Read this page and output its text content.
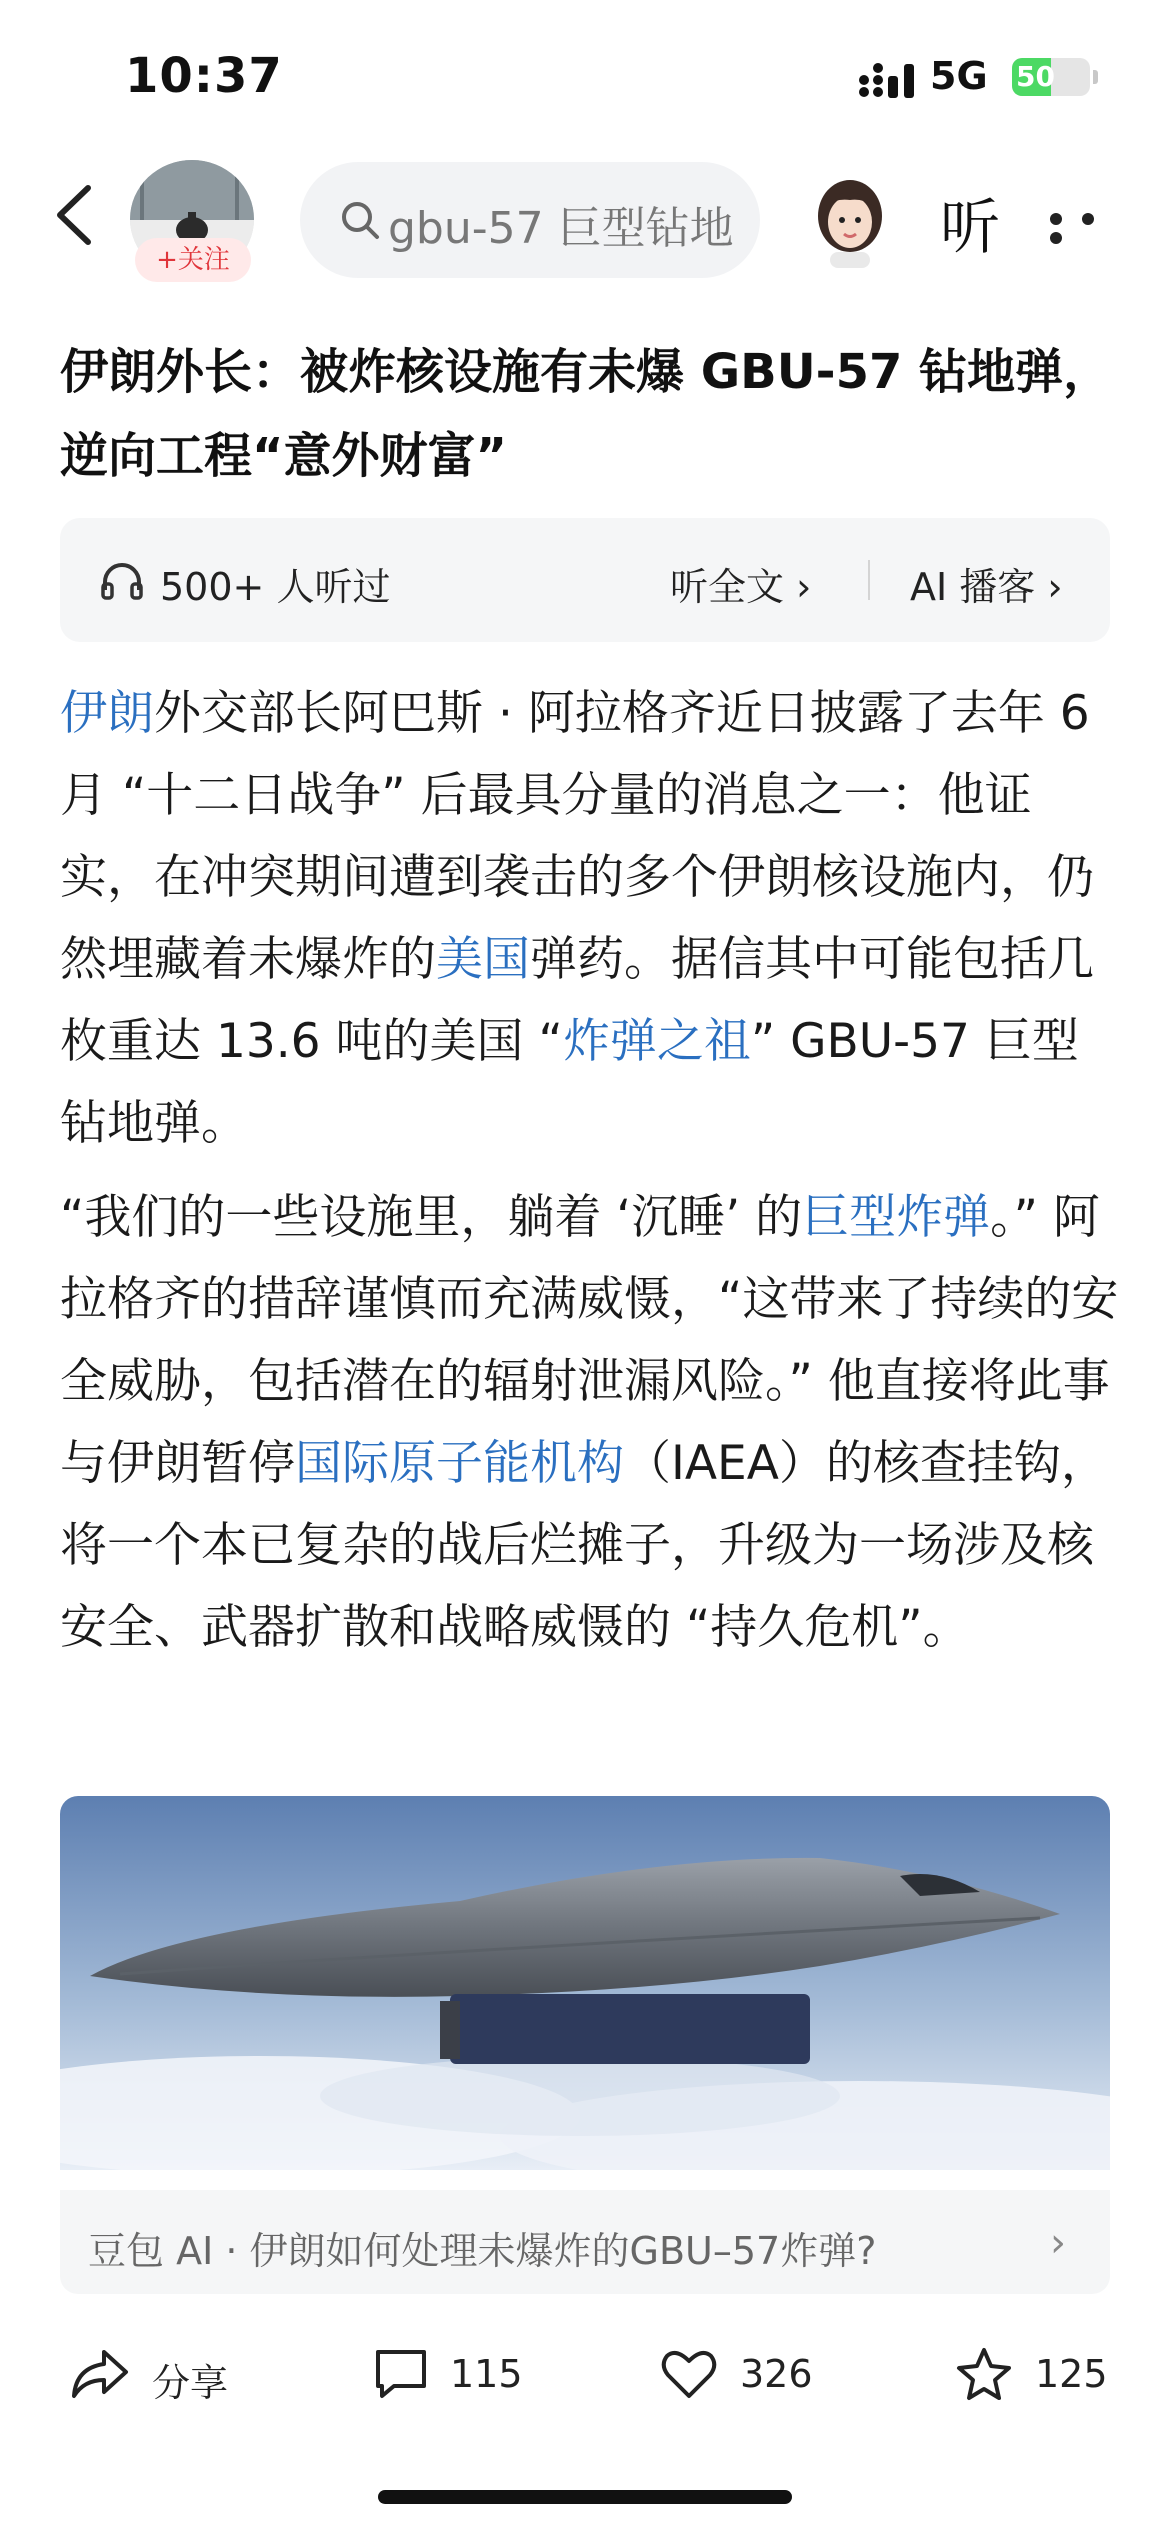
10:37	5G 50
+关注
gbu-57 巨型钻地	听
伊朗外长：被炸核设施有未爆 GBU-57 钻地弹，逆向工程“意外财富”
500+ 人听过	听全文 ›	AI 播客 ›
伊朗外交部长阿巴斯 · 阿拉格齐近日披露了去年 6 月 “十二日战争” 后最具分量的消息之一：他证实，在冲突期间遭到袭击的多个伊朗核设施内，仍然埋藏着未爆炸的美国弹药。据信其中可能包括几枚重达 13.6 吨的美国 “炸弹之祖” GBU-57 巨型钻地弹。
“我们的一些设施里，躺着 ‘沉睡’ 的巨型炸弹。” 阿拉格齐的措辞谨慎而充满威慑，“这带来了持续的安全威胁，包括潜在的辐射泄漏风险。” 他直接将此事与伊朗暂停国际原子能机构（IAEA）的核查挂钩，将一个本已复杂的战后烂摊子，升级为一场涉及核安全、武器扩散和战略威慑的 “持久危机”。
豆包 AI · 伊朗如何处理未爆炸的GBU–57炸弹?	›
分享	115	326	125
